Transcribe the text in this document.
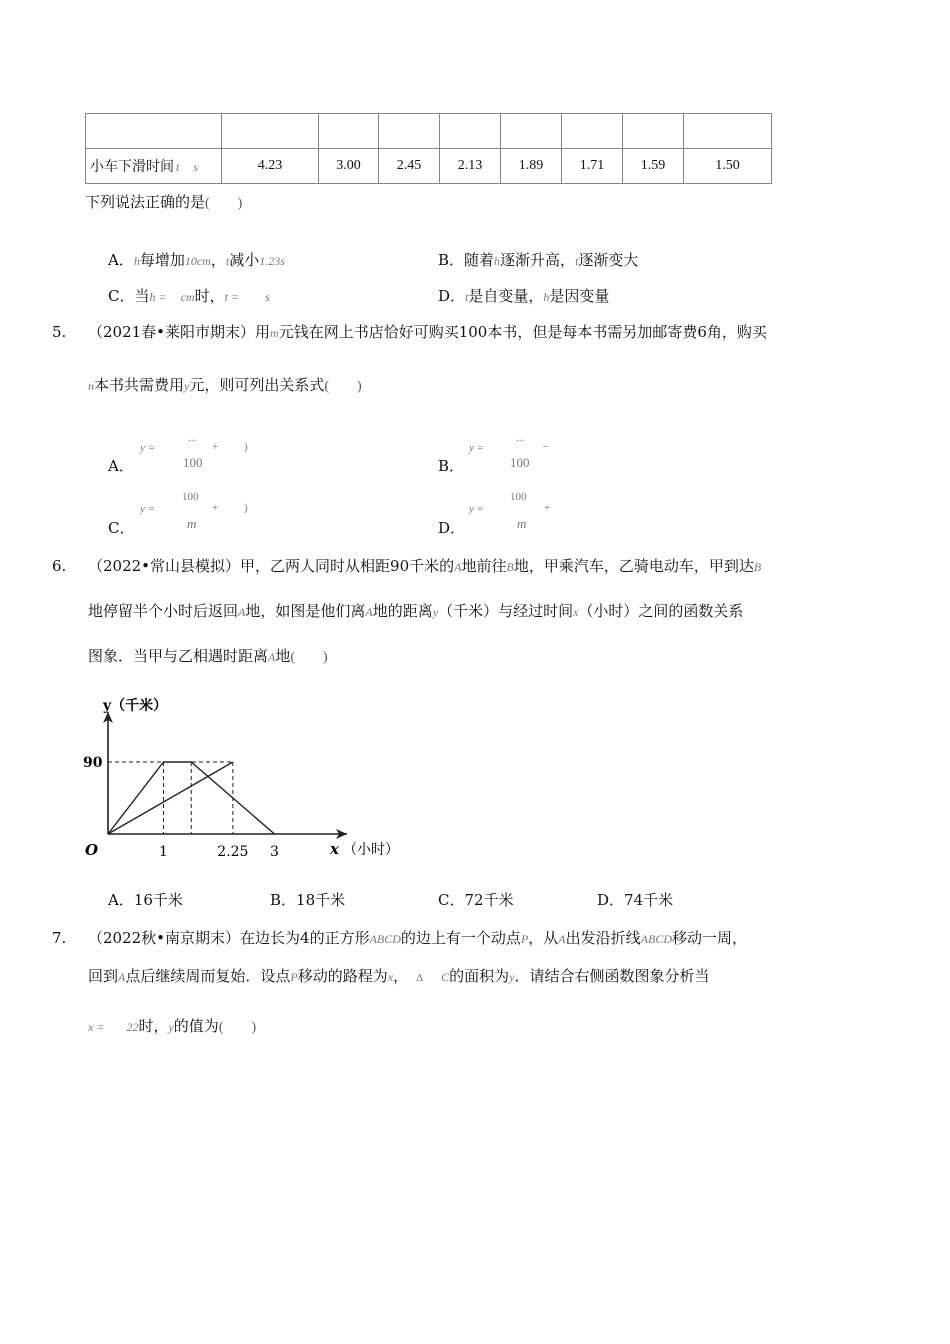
小车下滑时间 t s	4.23	3.00	2.45	2.13	1.89	1.71	1.59	1.50
下列说法正确的是(　　)
A．h每增加10cm，t减小1.23s	B．随着h逐渐升高，t逐渐变大
C．当h = cm时，t = s	D．t是自变量，h是因变量
5. （2021春•莱阳市期末）用m元钱在网上书店恰好可购买100本书，但是每本书需另加邮寄费6角，购买
n本书共需费用y元，则可列出关系式(　　)
A．
y =
...
100
+ )
B．
y =
...
100
−
C．
y =
100
m
+ )
D．
y =
100
m
+
6. （2022•常山县模拟）甲，乙两人同时从相距90千米的A地前往B地，甲乘汽车，乙骑电动车，甲到达B
地停留半个小时后返回A地，如图是他们离A地的距离y（千米）与经过时间x（小时）之间的函数关系
图象．当甲与乙相遇时距离A地(　　)
90
1	2.25 3
y（千米）
O	x （小时）
A．16千米	B．18千米	C．72千米	D．74千米
7. （2022秋•南京期末）在边长为4的正方形ABCD的边上有一个动点P，从A出发沿折线ABCD移动一周，
回到A点后继续周而复始．设点P移动的路程为x， Δ C的面积为y．请结合右侧函数图象分析当
x = 22时，y的值为(　　)
